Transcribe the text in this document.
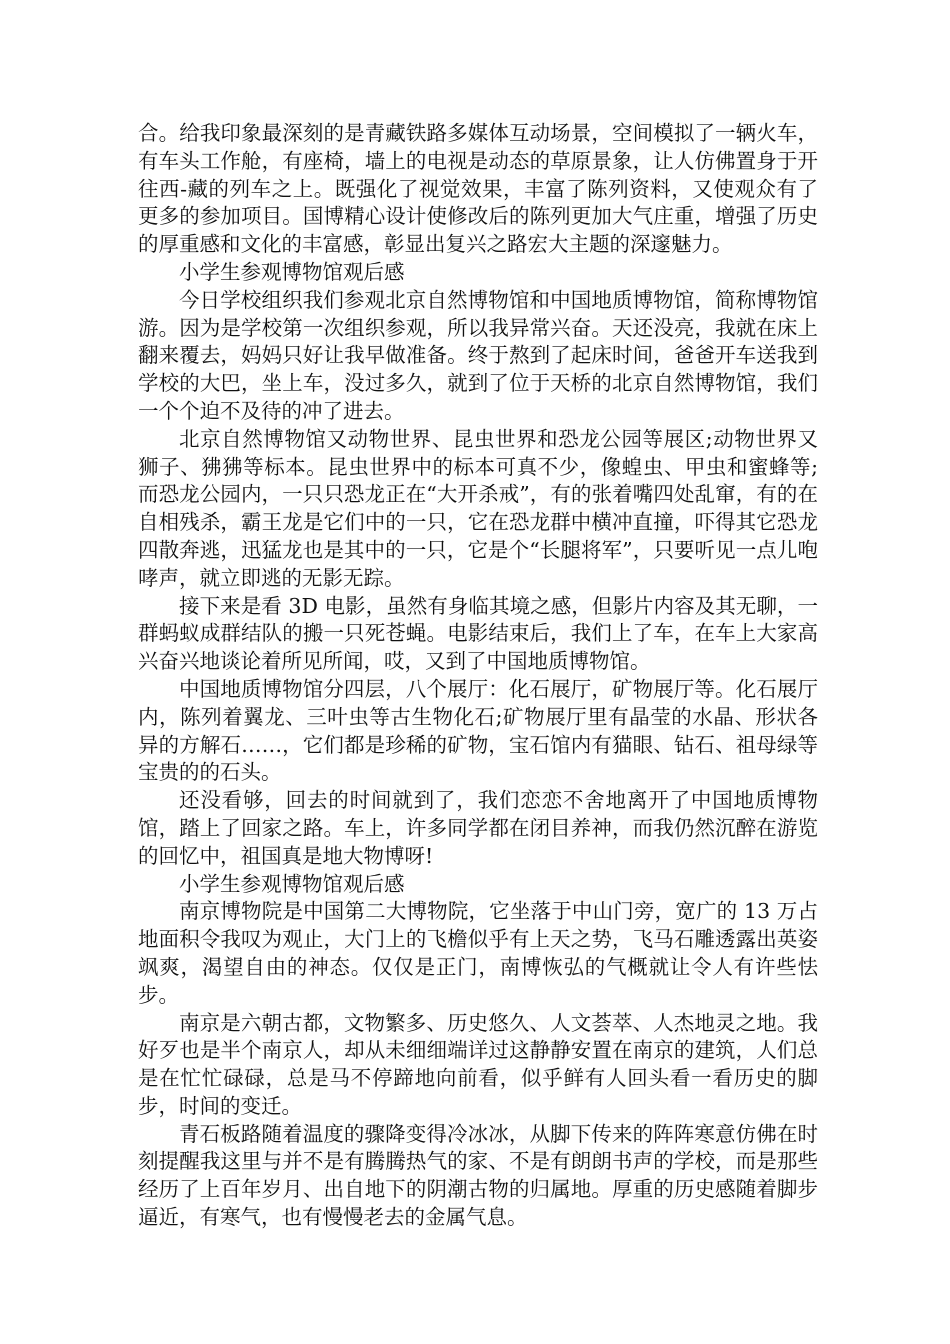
合。给我印象最深刻的是青藏铁路多媒体互动场景，空间模拟了一辆火车，有车头工作舱，有座椅，墙上的电视是动态的草原景象，让人仿佛置身于开往西-藏的列车之上。既强化了视觉效果，丰富了陈列资料，又使观众有了更多的参加项目。国博精心设计使修改后的陈列更加大气庄重，增强了历史的厚重感和文化的丰富感，彰显出复兴之路宏大主题的深邃魅力。

小学生参观博物馆观后感

今日学校组织我们参观北京自然博物馆和中国地质博物馆，简称博物馆游。因为是学校第一次组织参观，所以我异常兴奋。天还没亮，我就在床上翻来覆去，妈妈只好让我早做准备。终于熬到了起床时间，爸爸开车送我到学校的大巴，坐上车，没过多久，就到了位于天桥的北京自然博物馆，我们一个个迫不及待的冲了进去。

北京自然博物馆又动物世界、昆虫世界和恐龙公园等展区;动物世界又狮子、狒狒等标本。昆虫世界中的标本可真不少，像蝗虫、甲虫和蜜蜂等;而恐龙公园内，一只只恐龙正在“大开杀戒”，有的张着嘴四处乱窜，有的在自相残杀，霸王龙是它们中的一只，它在恐龙群中横冲直撞，吓得其它恐龙四散奔逃，迅猛龙也是其中的一只，它是个“长腿将军”，只要听见一点儿咆哮声，就立即逃的无影无踪。

接下来是看 3D 电影，虽然有身临其境之感，但影片内容及其无聊，一群蚂蚁成群结队的搬一只死苍蝇。电影结束后，我们上了车，在车上大家高兴奋兴地谈论着所见所闻，哎，又到了中国地质博物馆。

中国地质博物馆分四层，八个展厅：化石展厅，矿物展厅等。化石展厅内，陈列着翼龙、三叶虫等古生物化石;矿物展厅里有晶莹的水晶、形状各异的方解石……，它们都是珍稀的矿物，宝石馆内有猫眼、钻石、祖母绿等宝贵的的石头。

还没看够，回去的时间就到了，我们恋恋不舍地离开了中国地质博物馆，踏上了回家之路。车上，许多同学都在闭目养神，而我仍然沉醉在游览的回忆中，祖国真是地大物博呀!

小学生参观博物馆观后感

南京博物院是中国第二大博物院，它坐落于中山门旁，宽广的 13 万占地面积令我叹为观止，大门上的飞檐似乎有上天之势，飞马石雕透露出英姿飒爽，渴望自由的神态。仅仅是正门，南博恢弘的气概就让令人有许些怯步。

南京是六朝古都，文物繁多、历史悠久、人文荟萃、人杰地灵之地。我好歹也是半个南京人，却从未细细端详过这静静安置在南京的建筑，人们总是在忙忙碌碌，总是马不停蹄地向前看，似乎鲜有人回头看一看历史的脚步，时间的变迁。

青石板路随着温度的骤降变得冷冰冰，从脚下传来的阵阵寒意仿佛在时刻提醒我这里与并不是有腾腾热气的家、不是有朗朗书声的学校，而是那些经历了上百年岁月、出自地下的阴潮古物的归属地。厚重的历史感随着脚步逼近，有寒气，也有慢慢老去的金属气息。
